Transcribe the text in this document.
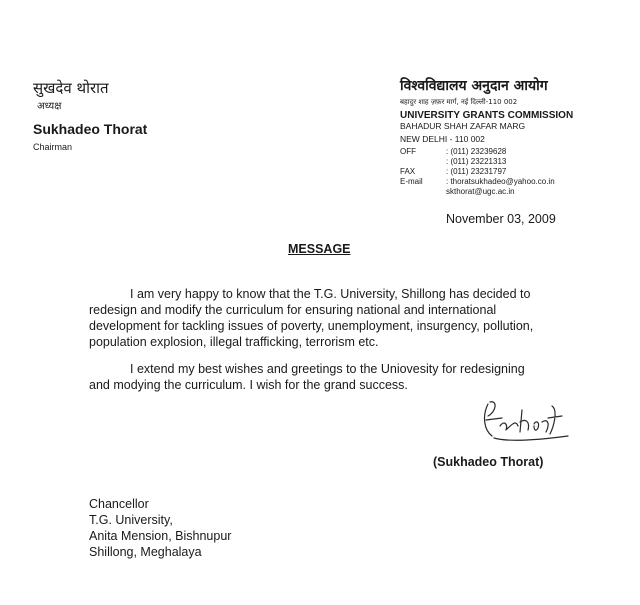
सुखदेव थोरात
अध्यक्ष
Sukhadeo Thorat
Chairman
विश्वविद्यालय अनुदान आयोग
बहादुर शाह ज़फ़र मार्ग, नई दिल्ली-110 002
UNIVERSITY GRANTS COMMISSION
BAHADUR SHAH ZAFAR MARG
NEW DELHI - 110 002
OFF	: (011) 23239628
: (011) 23221313
FAX	: (011) 23231797
E-mail	: thoratsukhadeo@yahoo.co.in
skthorat@ugc.ac.in
November 03, 2009
MESSAGE
I am very happy to know that the T.G. University, Shillong has decided to
redesign and modify the curriculum for ensuring national and international
development for tackling issues of poverty, unemployment, insurgency, pollution,
population explosion, illegal trafficking, terrorism etc.
I extend my best wishes and greetings to the Uniovesity for redesigning
and modying the curriculum. I wish for the grand success.
(Sukhadeo Thorat)
Chancellor
T.G. University,
Anita Mension, Bishnupur
Shillong, Meghalaya
